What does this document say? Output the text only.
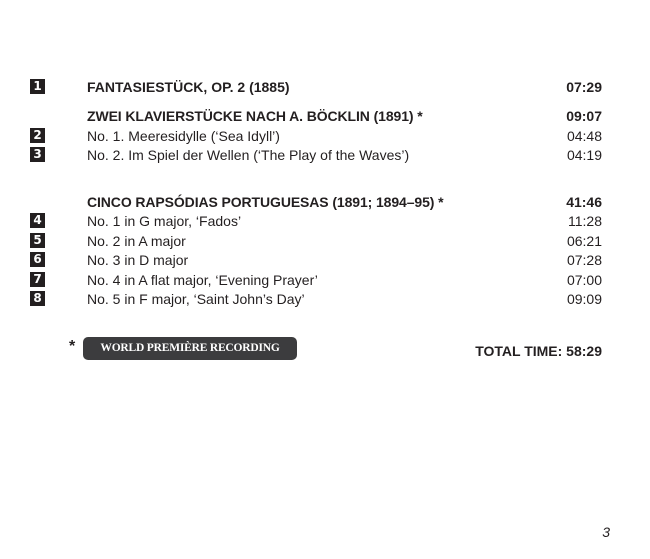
1	FANTASIESTÜCK, OP. 2 (1885)	07:29
ZWEI KLAVIERSTÜCKE NACH A. BÖCKLIN (1891) *	09:07
2	No. 1. Meeresidylle (‘Sea Idyll’)	04:48
3	No. 2. Im Spiel der Wellen (‘The Play of the Waves’)	04:19
CINCO RAPSÓDIAS PORTUGUESAS (1891; 1894–95) *	41:46
4	No. 1 in G major, ‘Fados’	11:28
5	No. 2 in A major	06:21
6	No. 3 in D major	07:28
7	No. 4 in A flat major, ‘Evening Prayer’	07:00
8	No. 5 in F major, ‘Saint John’s Day’	09:09
*	WORLD PREMIÈRE RECORDING	TOTAL TIME: 58:29
3
